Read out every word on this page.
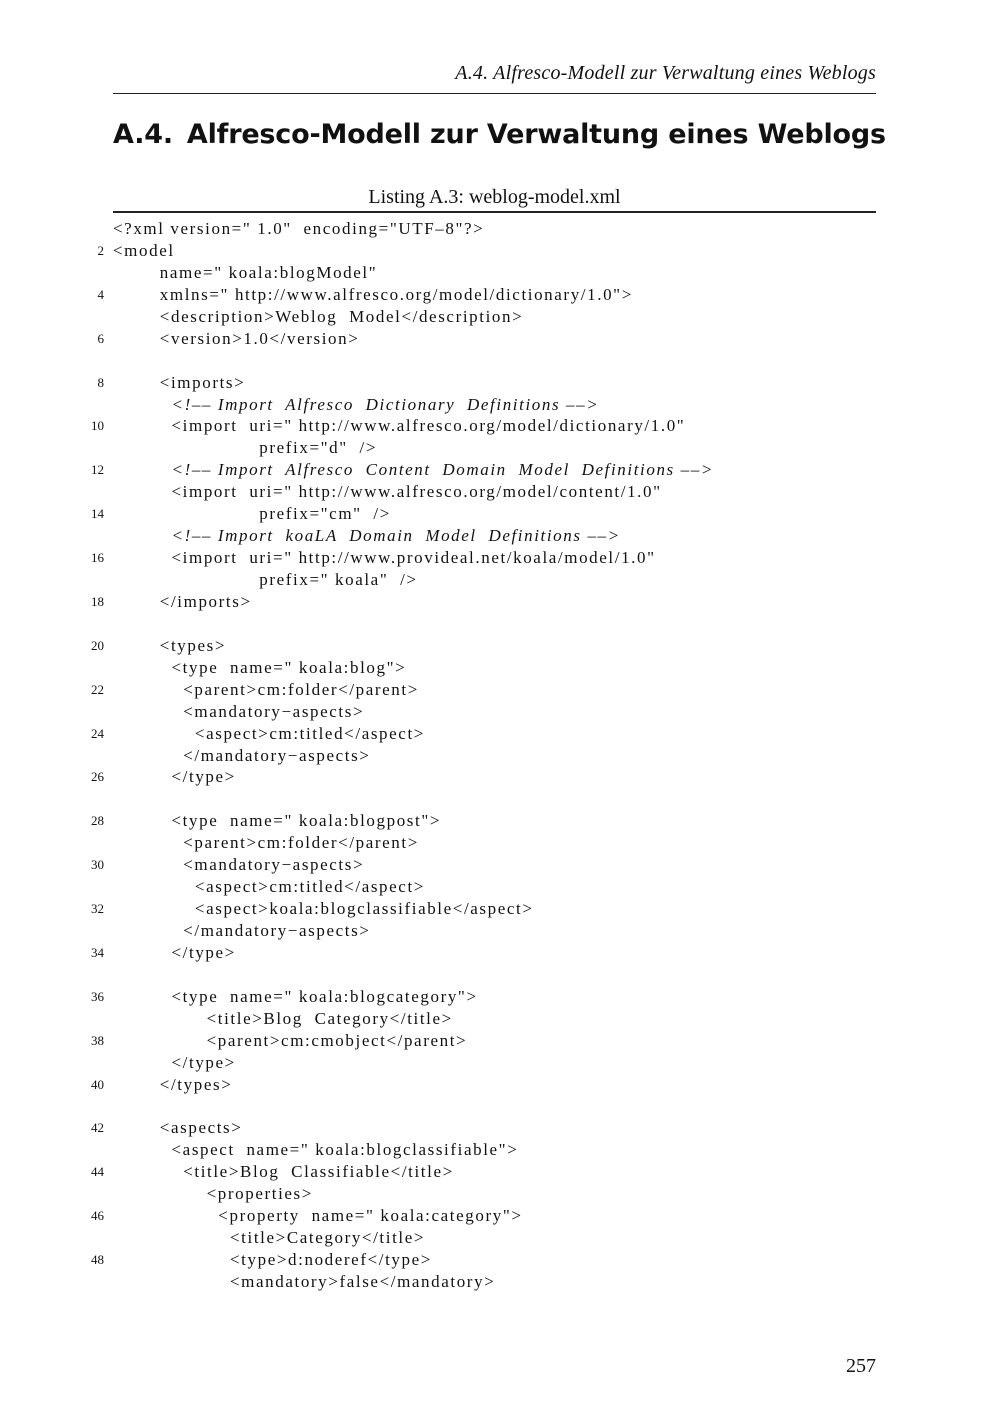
A.4. Alfresco-Modell zur Verwaltung eines Weblogs
A.4. Alfresco-Modell zur Verwaltung eines Weblogs
Listing A.3: weblog-model.xml
<?xml version=" 1.0"  encoding="UTF–8"?>
2 <model
name=" koala:blogModel"
4 xmlns=" http://www.alfresco.org/model/dictionary/1.0">
<description>Weblog  Model</description>
6 <version>1.0</version>
8 <imports>
<!–– Import  Alfresco  Dictionary  Definitions ––>
10 <import  uri=" http://www.alfresco.org/model/dictionary/1.0"
prefix="d"  />
12 <!–– Import  Alfresco  Content  Domain  Model  Definitions ––>
<import  uri=" http://www.alfresco.org/model/content/1.0"
14 prefix="cm"  />
<!–– Import  koaLA  Domain  Model  Definitions ––>
16 <import  uri=" http://www.provideal.net/koala/model/1.0"
prefix=" koala"  />
18 </imports>
20 <types>
<type  name=" koala:blog">
22 <parent>cm:folder</parent>
<mandatory−aspects>
24 <aspect>cm:titled</aspect>
</mandatory−aspects>
26 </type>
28 <type  name=" koala:blogpost">
<parent>cm:folder</parent>
30 <mandatory−aspects>
<aspect>cm:titled</aspect>
32 <aspect>koala:blogclassifiable</aspect>
</mandatory−aspects>
34 </type>
36 <type  name=" koala:blogcategory">
<title>Blog  Category</title>
38 <parent>cm:cmobject</parent>
</type>
40 </types>
42 <aspects>
<aspect  name=" koala:blogclassifiable">
44 <title>Blog  Classifiable</title>
<properties>
46 <property  name=" koala:category">
<title>Category</title>
48 <type>d:noderef</type>
<mandatory>false</mandatory>
257
